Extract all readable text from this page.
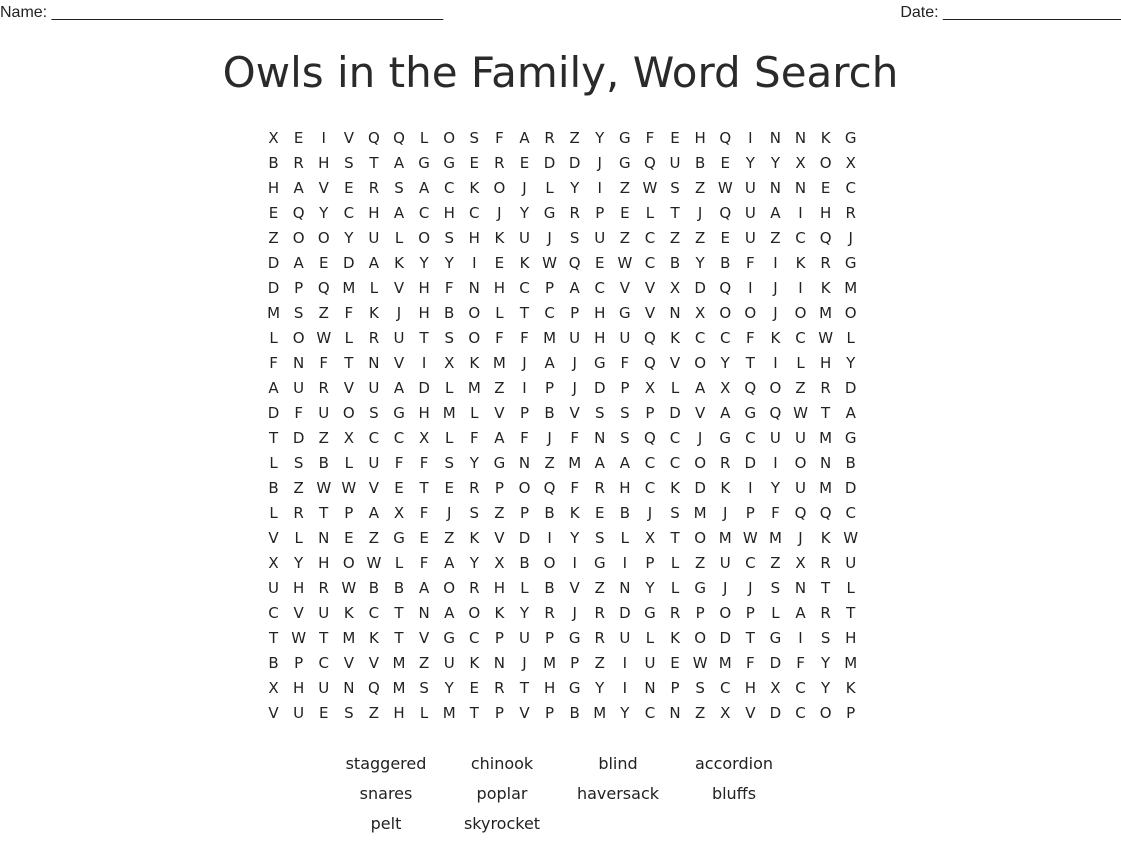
Name: ____________________________________________	Date: ____________________
Owls in the Family, Word Search
X	E	I	V Q Q	L	O S	F	A R Z	Y G F	E H Q	I	N N K G
B R H S	T	A G G E	R	E D D	J	G Q U B	E	Y	Y	X O X
H A V	E	R	S	A C K O	J	L	Y	I	Z W S	Z W U N N E	C
E Q Y	C H A C H C	J	Y G R	P	E	L	T	J	Q U A	I	H R
Z O O Y	U	L	O S H K U	J	S U Z C Z Z	E U Z C Q	J
D A	E D A	K	Y	Y	I	E	K W Q E W C B	Y	B	F	I	K R G
D P Q M L	V H	F	N H C	P	A C V V X D Q	I	J	I	K M
M S	Z	F	K	J	H B O	L	T	C	P H G V N X O O	J	O M O
L	O W L	R U	T	S O F	F M U H U Q K C C	F	K C W L
F	N	F	T N V	I	X	K M	J	A	J	G F Q V O Y	T	I	L	H Y
A U R V U A D	L M Z	I	P	J	D P	X	L	A X Q O Z R D
D F	U O S G H M L	V	P	B V	S	S	P D V A G Q W T	A
T D Z X C C X	L	F	A	F	J	F	N S Q C	J	G C U U M G
L	S	B	L	U	F	F	S	Y G N Z M A A C C O R D	I	O N B
B Z W W V	E	T	E	R	P O Q F	R H C K D K	I	Y	U M D
L	R	T	P	A X	F	J	S	Z	P	B	K	E	B	J	S M	J	P	F Q Q C
V	L	N E	Z G E	Z	K	V D	I	Y	S	L	X	T O M W M	J	K W
X	Y H O W L	F	A	Y	X B O	I	G	I	P	L	Z U C Z X R U
U H R W B B A O R H	L	B V Z N Y	L	G	J	J	S N T	L
C V U K C	T N A O K	Y	R	J	R D G R	P O P	L	A R	T
T W T M K	T	V G C	P	U	P G R U	L	K O D T G	I	S H
B	P	C V V M Z U K N	J	M P	Z	I	U E W M F	D F	Y M
X H U N Q M S	Y	E	R	T H G Y	I	N P	S	C H X C	Y	K
V U E	S	Z H	L M T	P	V	P	B M Y	C N Z X V D C O P
staggered	chinook	blind	accordion
snares	poplar	haversack	bluffs
pelt	skyrocket
